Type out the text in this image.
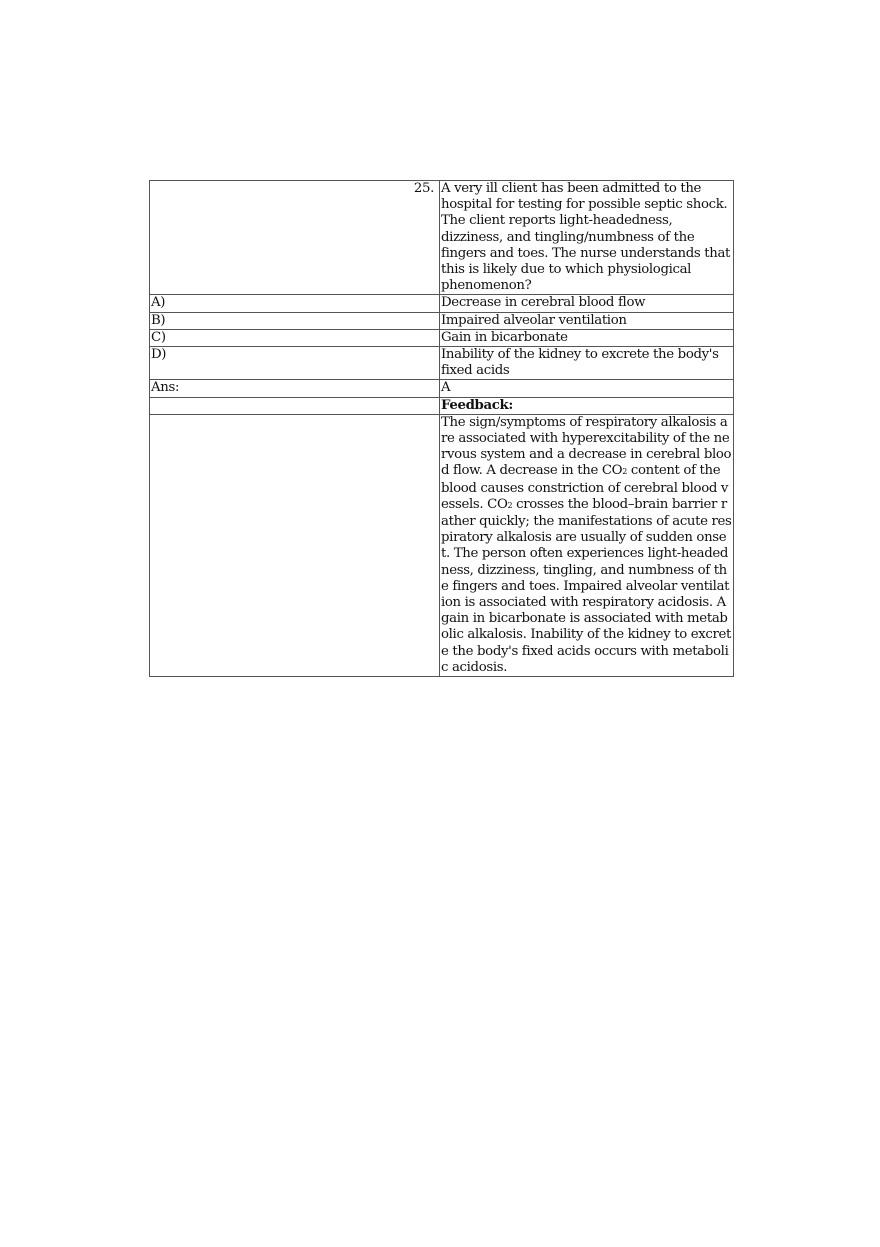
25.	A very ill client has been admitted to the hospital for testing for possible septic shock. The client reports light-headedness, dizziness, and tingling/numbness of the fingers and toes. The nurse understands that this is likely due to which physiological phenomenon?
A)	Decrease in cerebral blood flow
B)	Impaired alveolar ventilation
C)	Gain in bicarbonate
D)	Inability of the kidney to excrete the body's fixed acids
Ans:	A
	Feedback:
	The sign/symptoms of respiratory alkalosis are associated with hyperexcitability of the nervous system and a decrease in cerebral blood flow. A decrease in the CO2 content of the blood causes constriction of cerebral blood vessels. CO2 crosses the blood–brain barrier rather quickly; the manifestations of acute respiratory alkalosis are usually of sudden onset. The person often experiences light-headedness, dizziness, tingling, and numbness of the fingers and toes. Impaired alveolar ventilation is associated with respiratory acidosis. A gain in bicarbonate is associated with metabolic alkalosis. Inability of the kidney to excrete the body's fixed acids occurs with metabolic acidosis.
